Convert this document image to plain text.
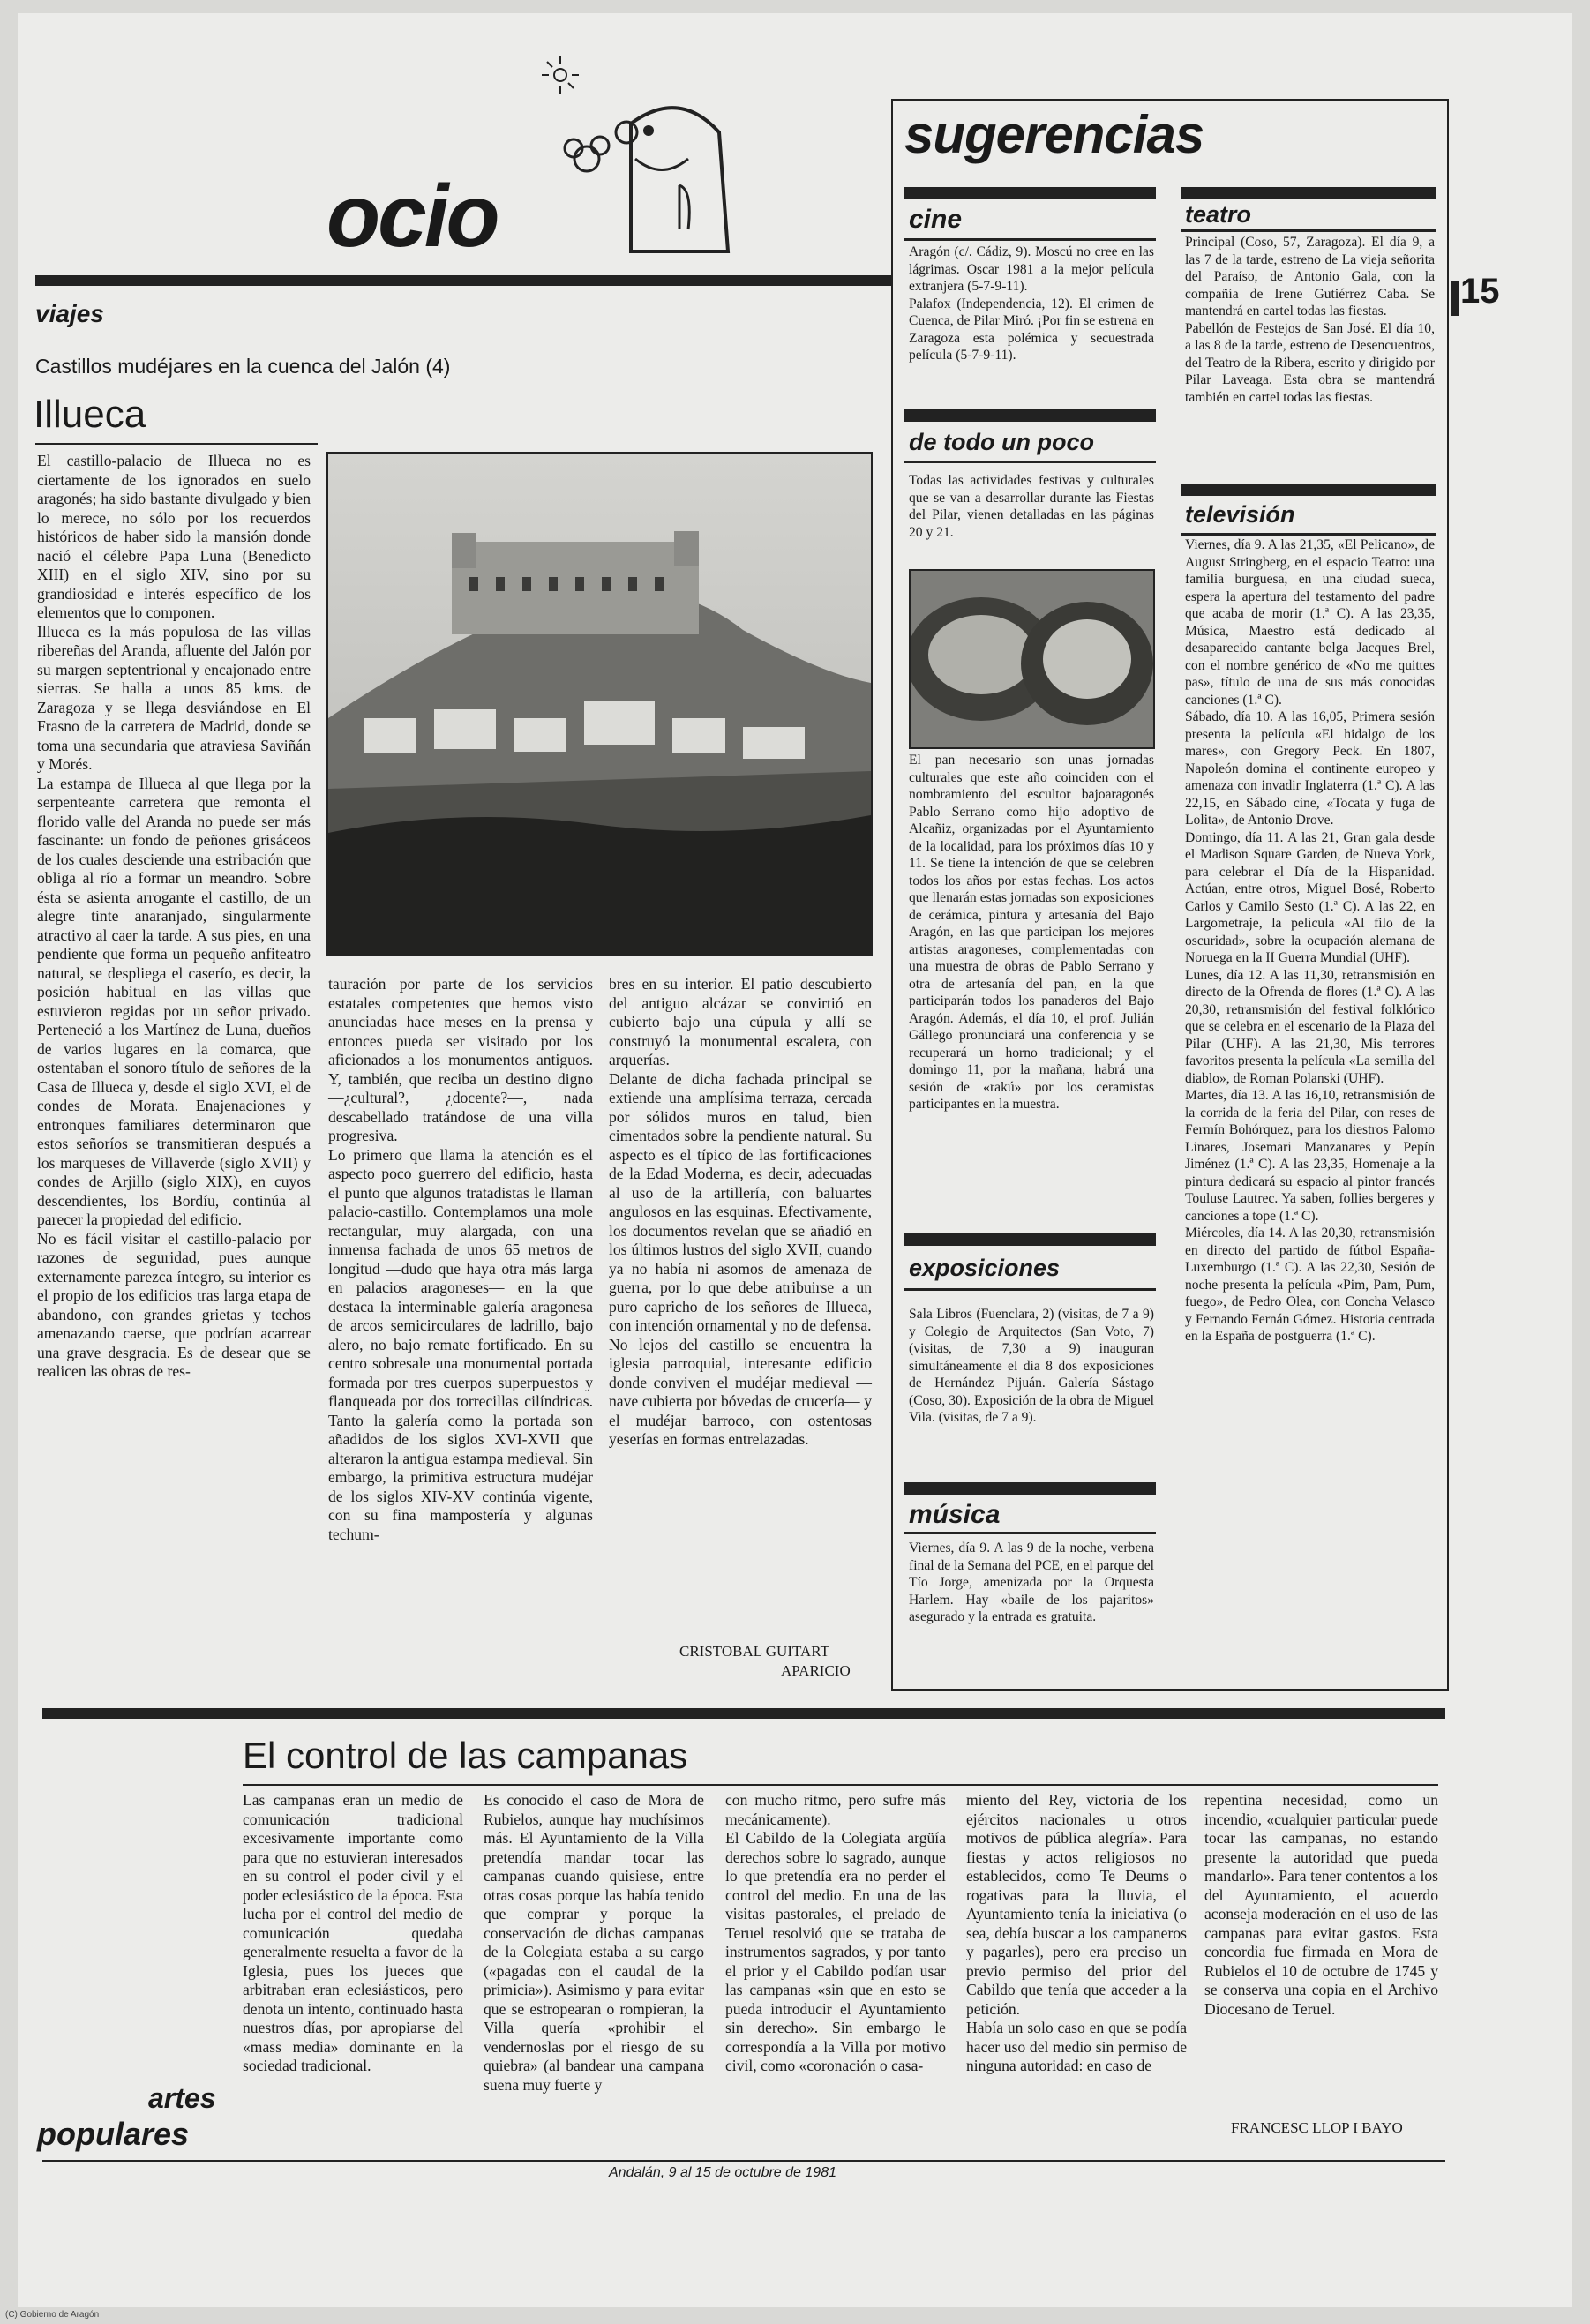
ocio
viajes
Castillos mudéjares en la cuenca del Jalón (4)
Illueca
15

El castillo-palacio de Illueca no es ciertamente de los ignorados en suelo aragonés; ha sido bastante divulgado y bien lo merece, no sólo por los recuerdos históricos de haber sido la mansión donde nació el célebre Papa Luna (Benedicto XIII) en el siglo XIV, sino por su grandiosidad e interés específico de los elementos que lo componen.
Illueca es la más populosa de las villas ribereñas del Aranda, afluente del Jalón por su margen septentrional y encajonado entre sierras. Se halla a unos 85 kms. de Zaragoza y se llega desviándose en El Frasno de la carretera de Madrid, donde se toma una secundaria que atraviesa Saviñán y Morés.
La estampa de Illueca al que llega por la serpenteante carretera que remonta el florido valle del Aranda no puede ser más fascinante: un fondo de peñones grisáceos de los cuales desciende una estribación que obliga al río a formar un meandro. Sobre ésta se asienta arrogante el castillo, de un alegre tinte anaranjado, singularmente atractivo al caer la tarde. A sus pies, en una pendiente que forma un pequeño anfiteatro natural, se despliega el caserío, es decir, la posición habitual en las villas que estuvieron regidas por un señor privado. Perteneció a los Martínez de Luna, dueños de varios lugares en la comarca, que ostentaban el sonoro título de señores de la Casa de Illueca y, desde el siglo XVI, el de condes de Morata. Enajenaciones y entronques familiares determinaron que estos señoríos se transmitieran después a los marqueses de Villaverde (siglo XVII) y condes de Arjillo (siglo XIX), en cuyos descendientes, los Bordíu, continúa al parecer la propiedad del edificio.
No es fácil visitar el castillo-palacio por razones de seguridad, pues aunque externamente parezca íntegro, su interior es el propio de los edificios tras larga etapa de abandono, con grandes grietas y techos amenazando caerse, que podrían acarrear una grave desgracia. Es de desear que se realicen las obras de res-

tauración por parte de los servicios estatales competentes que hemos visto anunciadas hace meses en la prensa y entonces pueda ser visitado por los aficionados a los monumentos antiguos. Y, también, que reciba un destino digno —¿cultural?, ¿docente?—, nada descabellado tratándose de una villa progresiva.
Lo primero que llama la atención es el aspecto poco guerrero del edificio, hasta el punto que algunos tratadistas le llaman palacio-castillo. Contemplamos una mole rectangular, muy alargada, con una inmensa fachada de unos 65 metros de longitud —dudo que haya otra más larga en palacios aragoneses— en la que destaca la interminable galería aragonesa de arcos semicirculares de ladrillo, bajo alero, no bajo remate fortificado. En su centro sobresale una monumental portada formada por tres cuerpos superpuestos y flanqueada por dos torrecillas cilíndricas. Tanto la galería como la portada son añadidos de los siglos XVI-XVII que alteraron la antigua estampa medieval. Sin embargo, la primitiva estructura mudéjar de los siglos XIV-XV continúa vigente, con su fina mampostería y algunas techum-

bres en su interior. El patio descubierto del antiguo alcázar se convirtió en cubierto bajo una cúpula y allí se construyó la monumental escalera, con arquerías.
Delante de dicha fachada principal se extiende una amplísima terraza, cercada por sólidos muros en talud, bien cimentados sobre la pendiente natural. Su aspecto es el típico de las fortificaciones de la Edad Moderna, es decir, adecuadas al uso de la artillería, con baluartes angulosos en las esquinas. Efectivamente, los documentos revelan que se añadió en los últimos lustros del siglo XVII, cuando ya no había ni asomos de amenaza de guerra, por lo que debe atribuirse a un puro capricho de los señores de Illueca, con intención ornamental y no de defensa.
No lejos del castillo se encuentra la iglesia parroquial, interesante edificio donde conviven el mudéjar medieval —nave cubierta por bóvedas de crucería— y el mudéjar barroco, con ostentosas yeserías en formas entrelazadas.

CRISTOBAL GUITART
APARICIO
sugerencias
cine

Aragón (c/. Cádiz, 9). Moscú no cree en las lágrimas. Oscar 1981 a la mejor película extranjera (5-7-9-11).
Palafox (Independencia, 12). El crimen de Cuenca, de Pilar Miró. ¡Por fin se estrena en Zaragoza esta polémica y secuestrada película (5-7-9-11).

de todo un poco

Todas las actividades festivas y culturales que se van a desarrollar durante las Fiestas del Pilar, vienen detalladas en las páginas 20 y 21.

El pan necesario son unas jornadas culturales que este año coinciden con el nombramiento del escultor bajoaragonés Pablo Serrano como hijo adoptivo de Alcañiz, organizadas por el Ayuntamiento de la localidad, para los próximos días 10 y 11. Se tiene la intención de que se celebren todos los años por estas fechas. Los actos que llenarán estas jornadas son exposiciones de cerámica, pintura y artesanía del Bajo Aragón, en las que participan los mejores artistas aragoneses, complementadas con una muestra de obras de Pablo Serrano y otra de artesanía del pan, en la que participarán todos los panaderos del Bajo Aragón. Además, el día 10, el prof. Julián Gállego pronunciará una conferencia y se recuperará un horno tradicional; y el domingo 11, por la mañana, habrá una sesión de «rakú» por los ceramistas participantes en la muestra.

exposiciones

Sala Libros (Fuenclara, 2) (visitas, de 7 a 9) y Colegio de Arquitectos (San Voto, 7) (visitas, de 7,30 a 9) inauguran simultáneamente el día 8 dos exposiciones de Hernández Pijuán. Galería Sástago (Coso, 30). Exposición de la obra de Miguel Vila. (visitas, de 7 a 9).

música

Viernes, día 9. A las 9 de la noche, verbena final de la Semana del PCE, en el parque del Tío Jorge, amenizada por la Orquesta Harlem. Hay «baile de los pajaritos» asegurado y la entrada es gratuita.

teatro

Principal (Coso, 57, Zaragoza). El día 9, a las 7 de la tarde, estreno de La vieja señorita del Paraíso, de Antonio Gala, con la compañía de Irene Gutiérrez Caba. Se mantendrá en cartel todas las fiestas.
Pabellón de Festejos de San José. El día 10, a las 8 de la tarde, estreno de Desencuentros, del Teatro de la Ribera, escrito y dirigido por Pilar Laveaga. Esta obra se mantendrá también en cartel todas las fiestas.

televisión

Viernes, día 9. A las 21,35, «El Pelicano», de August Stringberg, en el espacio Teatro: una familia burguesa, en una ciudad sueca, espera la apertura del testamento del padre que acaba de morir (1.ª C). A las 23,35, Música, Maestro está dedicado al desaparecido cantante belga Jacques Brel, con el nombre genérico de «No me quittes pas», título de una de sus más conocidas canciones (1.ª C).
Sábado, día 10. A las 16,05, Primera sesión presenta la película «El hidalgo de los mares», con Gregory Peck. En 1807, Napoleón domina el continente europeo y amenaza con invadir Inglaterra (1.ª C). A las 22,15, en Sábado cine, «Tocata y fuga de Lolita», de Antonio Drove.
Domingo, día 11. A las 21, Gran gala desde el Madison Square Garden, de Nueva York, para celebrar el Día de la Hispanidad. Actúan, entre otros, Miguel Bosé, Roberto Carlos y Camilo Sesto (1.ª C). A las 22, en Largometraje, la película «Al filo de la oscuridad», sobre la ocupación alemana de Noruega en la II Guerra Mundial (UHF).
Lunes, día 12. A las 11,30, retransmisión en directo de la Ofrenda de flores (1.ª C). A las 20,30, retransmisión del festival folklórico que se celebra en el escenario de la Plaza del Pilar (UHF). A las 21,30, Mis terrores favoritos presenta la película «La semilla del diablo», de Roman Polanski (UHF).
Martes, día 13. A las 16,10, retransmisión de la corrida de la feria del Pilar, con reses de Fermín Bohórquez, para los diestros Palomo Linares, Josemari Manzanares y Pepín Jiménez (1.ª C). A las 23,35, Homenaje a la pintura dedicará su espacio al pintor francés Touluse Lautrec. Ya saben, follies bergeres y canciones a tope (1.ª C).
Miércoles, día 14. A las 20,30, retransmisión en directo del partido de fútbol España-Luxemburgo (1.ª C). A las 22,30, Sesión de noche presenta la película «Pim, Pam, Pum, fuego», de Pedro Olea, con Concha Velasco y Fernando Fernán Gómez. Historia centrada en la España de postguerra (1.ª C).

El control de las campanas

Las campanas eran un medio de comunicación tradicional excesivamente importante como para que no estuvieran interesados en su control el poder civil y el poder eclesiástico de la época. Esta lucha por el control del medio de comunicación quedaba generalmente resuelta a favor de la Iglesia, pues los jueces que arbitraban eran eclesiásticos, pero denota un intento, continuado hasta nuestros días, por apropiarse del «mass media» dominante en la sociedad tradicional.

Es conocido el caso de Mora de Rubielos, aunque hay muchísimos más. El Ayuntamiento de la Villa pretendía mandar tocar las campanas cuando quisiese, entre otras cosas porque las había tenido que comprar y porque la conservación de dichas campanas de la Colegiata estaba a su cargo («pagadas con el caudal de la primicia»). Asimismo y para evitar que se estropearan o rompieran, la Villa quería «prohibir el vendernoslas por el riesgo de su quiebra» (al bandear una campana suena muy fuerte y

con mucho ritmo, pero sufre más mecánicamente).
El Cabildo de la Colegiata argüía derechos sobre lo sagrado, aunque lo que pretendía era no perder el control del medio. En una de las visitas pastorales, el prelado de Teruel resolvió que se trataba de instrumentos sagrados, y por tanto el prior y el Cabildo podían usar las campanas «sin que en esto se pueda introducir el Ayuntamiento sin derecho». Sin embargo le correspondía a la Villa por motivo civil, como «coronación o casa-

miento del Rey, victoria de los ejércitos nacionales u otros motivos de pública alegría». Para fiestas y actos religiosos no establecidos, como Te Deums o rogativas para la lluvia, el Ayuntamiento tenía la iniciativa (o sea, debía buscar a los campaneros y pagarles), pero era preciso un previo permiso del prior del Cabildo que tenía que acceder a la petición.
Había un solo caso en que se podía hacer uso del medio sin permiso de ninguna autoridad: en caso de

repentina necesidad, como un incendio, «cualquier particular puede tocar las campanas, no estando presente la autoridad que pueda mandarlo». Para tener contentos a los del Ayuntamiento, el acuerdo aconseja moderación en el uso de las campanas para evitar gastos. Esta concordia fue firmada en Mora de Rubielos el 10 de octubre de 1745 y se conserva una copia en el Archivo Diocesano de Teruel.

FRANCESC LLOP I BAYO
artes
populares
Andalán, 9 al 15 de octubre de 1981
(C) Gobierno de Aragón
